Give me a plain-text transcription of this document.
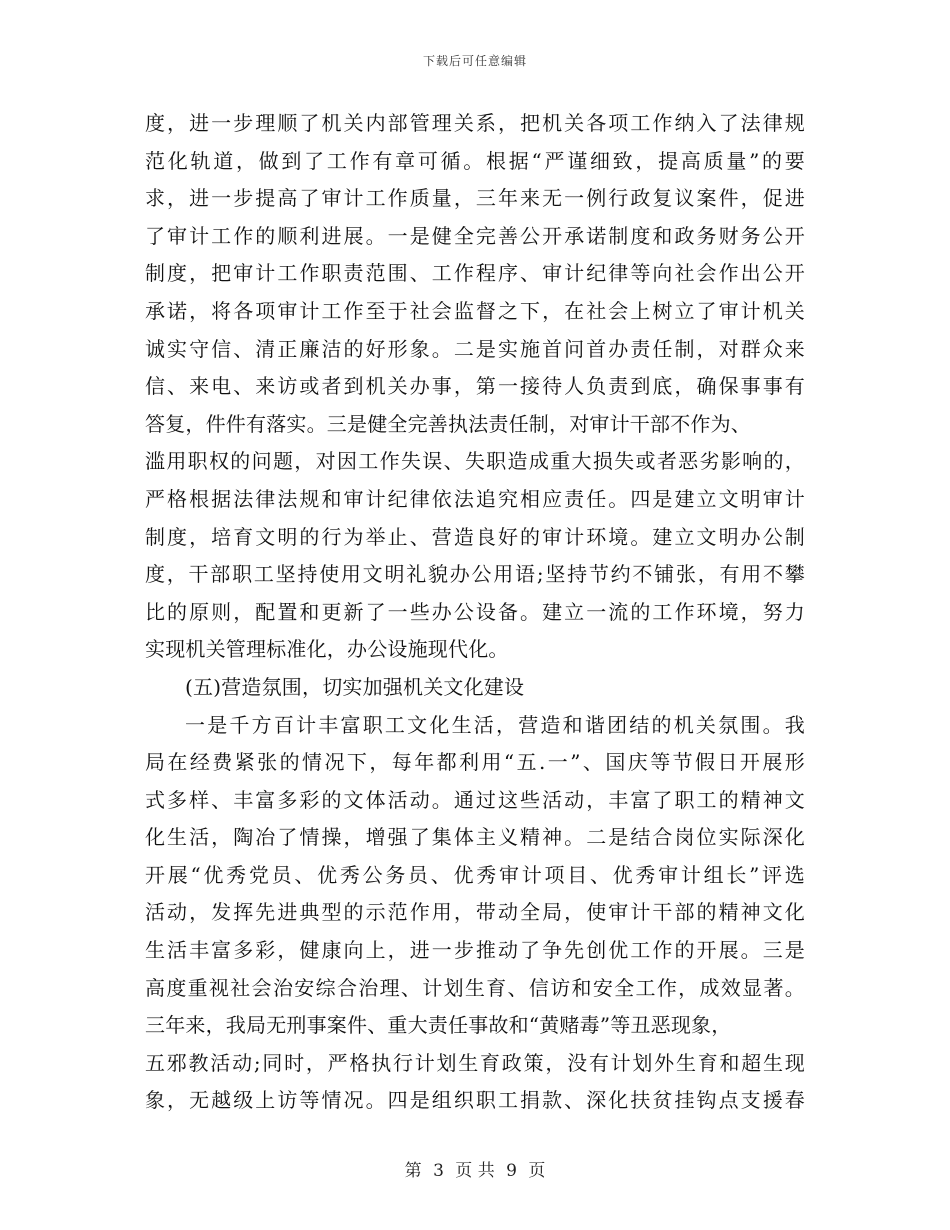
下载后可任意编辑
度，进一步理顺了机关内部管理关系，把机关各项工作纳入了法律规
范化轨道，做到了工作有章可循。根据“严谨细致，提高质量”的要
求，进一步提高了审计工作质量，三年来无一例行政复议案件，促进
了审计工作的顺利进展。一是健全完善公开承诺制度和政务财务公开
制度，把审计工作职责范围、工作程序、审计纪律等向社会作出公开
承诺，将各项审计工作至于社会监督之下，在社会上树立了审计机关
诚实守信、清正廉洁的好形象。二是实施首问首办责任制，对群众来
信、来电、来访或者到机关办事，第一接待人负责到底，确保事事有
答复，件件有落实。三是健全完善执法责任制，对审计干部不作为、
滥用职权的问题，对因工作失误、失职造成重大损失或者恶劣影响的，
严格根据法律法规和审计纪律依法追究相应责任。四是建立文明审计
制度，培育文明的行为举止、营造良好的审计环境。建立文明办公制
度，干部职工坚持使用文明礼貌办公用语;坚持节约不铺张，有用不攀
比的原则，配置和更新了一些办公设备。建立一流的工作环境，努力
实现机关管理标准化，办公设施现代化。
(五)营造氛围，切实加强机关文化建设
一是千方百计丰富职工文化生活，营造和谐团结的机关氛围。我
局在经费紧张的情况下，每年都利用“五.一”、国庆等节假日开展形
式多样、丰富多彩的文体活动。通过这些活动，丰富了职工的精神文
化生活，陶冶了情操，增强了集体主义精神。二是结合岗位实际深化
开展“优秀党员、优秀公务员、优秀审计项目、优秀审计组长”评选
活动，发挥先进典型的示范作用，带动全局，使审计干部的精神文化
生活丰富多彩，健康向上，进一步推动了争先创优工作的开展。三是
高度重视社会治安综合治理、计划生育、信访和安全工作，成效显著。
三年来，我局无刑事案件、重大责任事故和“黄赌毒”等丑恶现象，
五邪教活动;同时，严格执行计划生育政策，没有计划外生育和超生现
象，无越级上访等情况。四是组织职工捐款、深化扶贫挂钩点支援春
第 3 页 共 9 页
